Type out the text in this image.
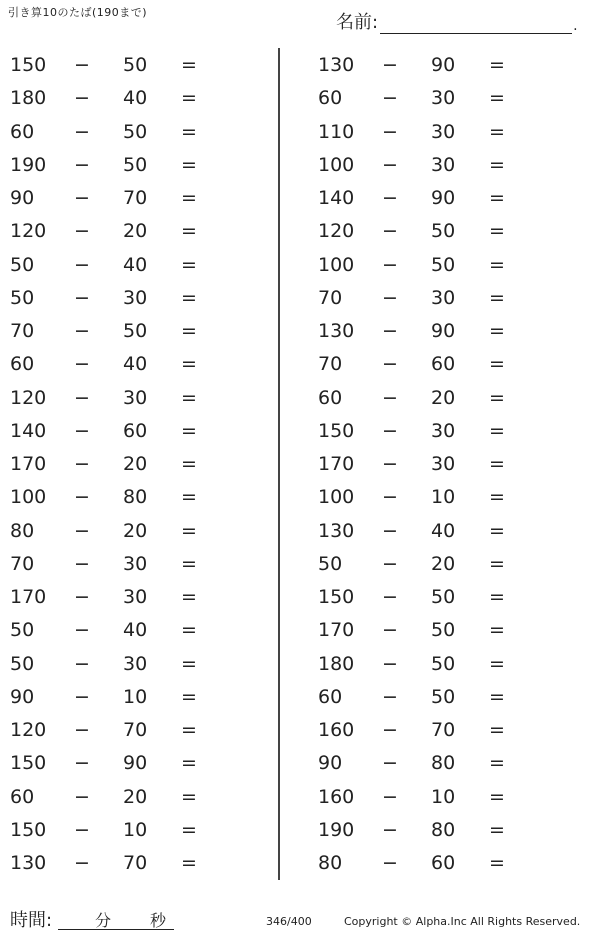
引き算10のたば(190まで)	名前:	.
150 − 50 =
180 − 40 =
60 − 50 =
190 − 50 =
90 − 70 =
120 − 20 =
50 − 40 =
50 − 30 =
70 − 50 =
60 − 40 =
120 − 30 =
140 − 60 =
170 − 20 =
100 − 80 =
80 − 20 =
70 − 30 =
170 − 30 =
50 − 40 =
50 − 30 =
90 − 10 =
120 − 70 =
150 − 90 =
60 − 20 =
150 − 10 =
130 − 70 =
130 − 90 =
60 − 30 =
110 − 30 =
100 − 30 =
140 − 90 =
120 − 50 =
100 − 50 =
70 − 30 =
130 − 90 =
70 − 60 =
60 − 20 =
150 − 30 =
170 − 30 =
100 − 10 =
130 − 40 =
50 − 20 =
150 − 50 =
170 − 50 =
180 − 50 =
60 − 50 =
160 − 70 =
90 − 80 =
160 − 10 =
190 − 80 =
80 − 60 =
時間:	分 秒	346/400	Copyright © Alpha.Inc All Rights Reserved.
